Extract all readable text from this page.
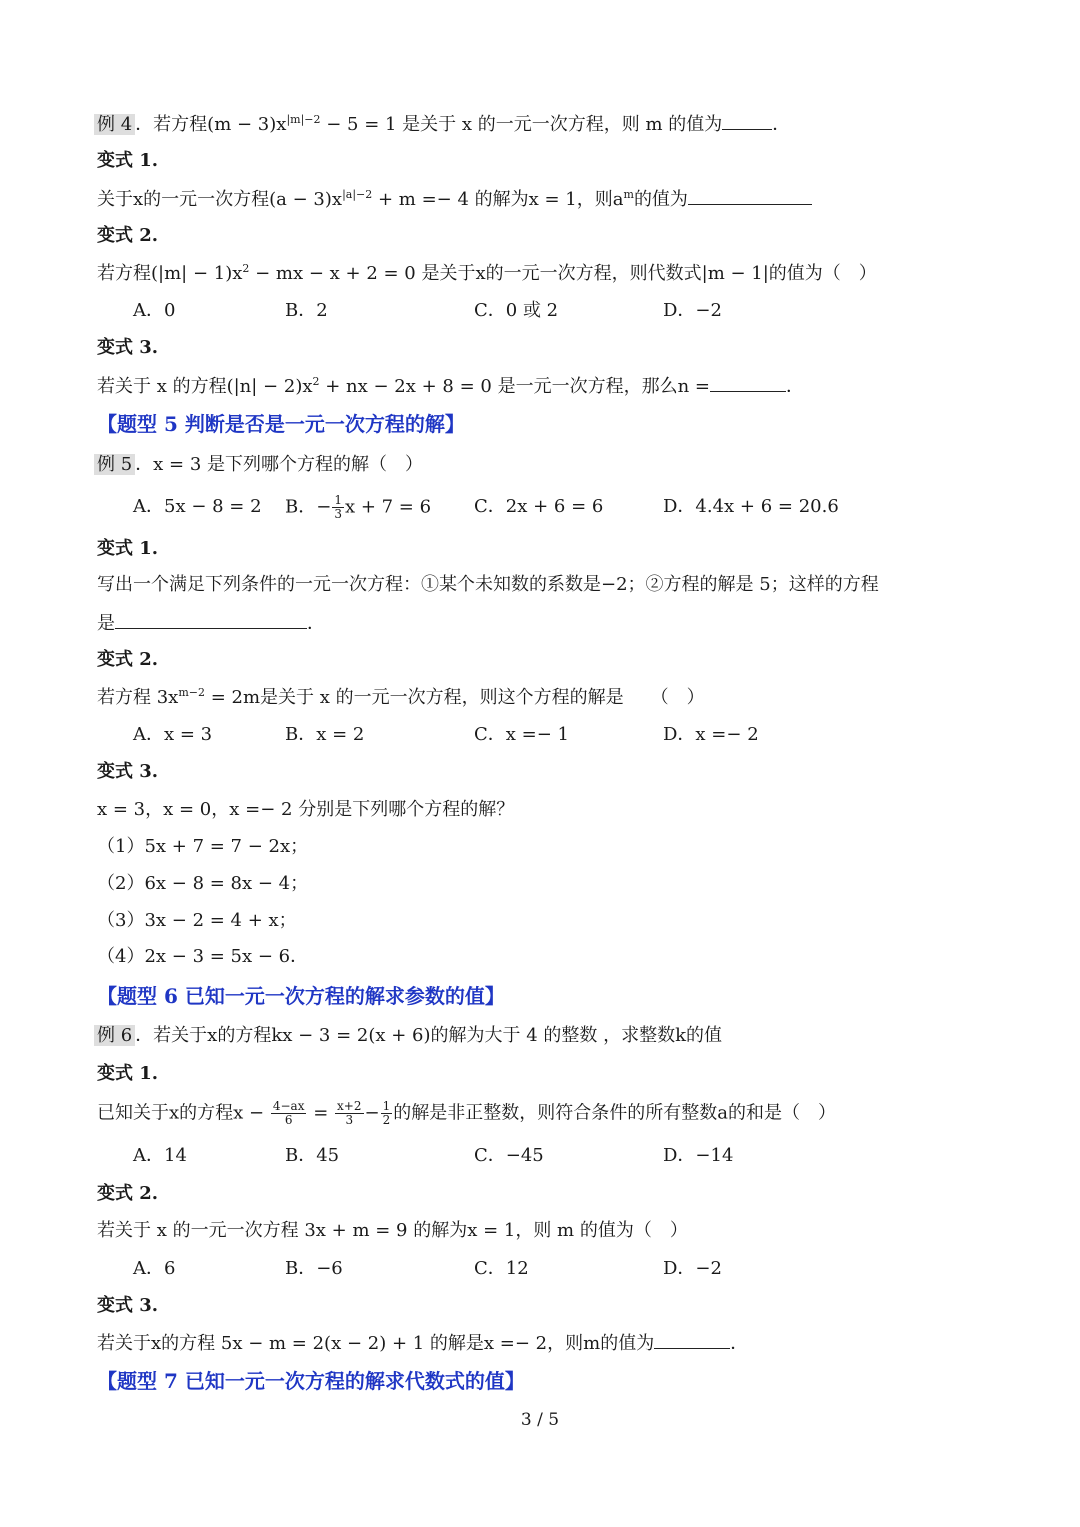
例 4 ．若方程$(m - 3)x^{|m|-2} - 5 = 1$ 是关于 x 的一元一次方程，则 m 的值为	．
变式 1.
关于x的一元一次方程$(a - 3)x^{|a|-2} + m =- 4$ 的解为x = 1，则$a^m$的值为
变式 2.
若方程$(|m| - 1)x^2$ − mx − x + 2 = 0 是关于x的一元一次方程，则代数式|m − 1|的值为（　）
A．0	B．2	C．0 或 2	D．−2
变式 3.
若关于 x 的方程$(|n| - 2)x^2$ + nx − 2x + 8 = 0 是一元一次方程，那么n =	．
【题型 5 判断是否是一元一次方程的解】
例 5 ．x = 3 是下列哪个方程的解（　）
A．5x − 8 = 2 B．− $\frac{1}{3}$ x + 7 = 6 C．2x + 6 = 6	D．4.4x + 6 = 20.6
变式 1.
写出一个满足下列条件的一元一次方程：①某个未知数的系数是−2；②方程的解是 5；这样的方程
是	．
变式 2.
若方程 $3x^{m-2} = 2m$是关于 x 的一元一次方程，则这个方程的解是　　（　）
A．x = 3	B．x = 2	C．x =− 1	D．x =− 2
变式 3.
x = 3，x = 0，x =− 2 分别是下列哪个方程的解？
（1）5x + 7 = 7 − 2x；
（2）6x − 8 = 8x − 4；
（3）3x − 2 = 4 + x；
（4）2x − 3 = 5x − 6．
【题型 6 已知一元一次方程的解求参数的值】
例 6 ．若关于x的方程kx − 3 = 2(x + 6)的解为大于 4 的整数 ，求整数k的值
变式 1.
已知关于x的方程$x - \frac{4-ax}{6} = \frac{x+2}{3} - \frac{1}{2}$ 的解是非正整数，则符合条件的所有整数a的和是（　）
A．14	B．45	C．−45	D．−14
变式 2.
若关于 x 的一元一次方程 3x + m = 9 的解为x = 1，则 m 的值为（　）
A．6	B．−6	C．12	D．−2
变式 3.
若关于x的方程 5x − m = 2(x − 2) + 1 的解是x =− 2，则m的值为	．
【题型 7 已知一元一次方程的解求代数式的值】
3 / 5
